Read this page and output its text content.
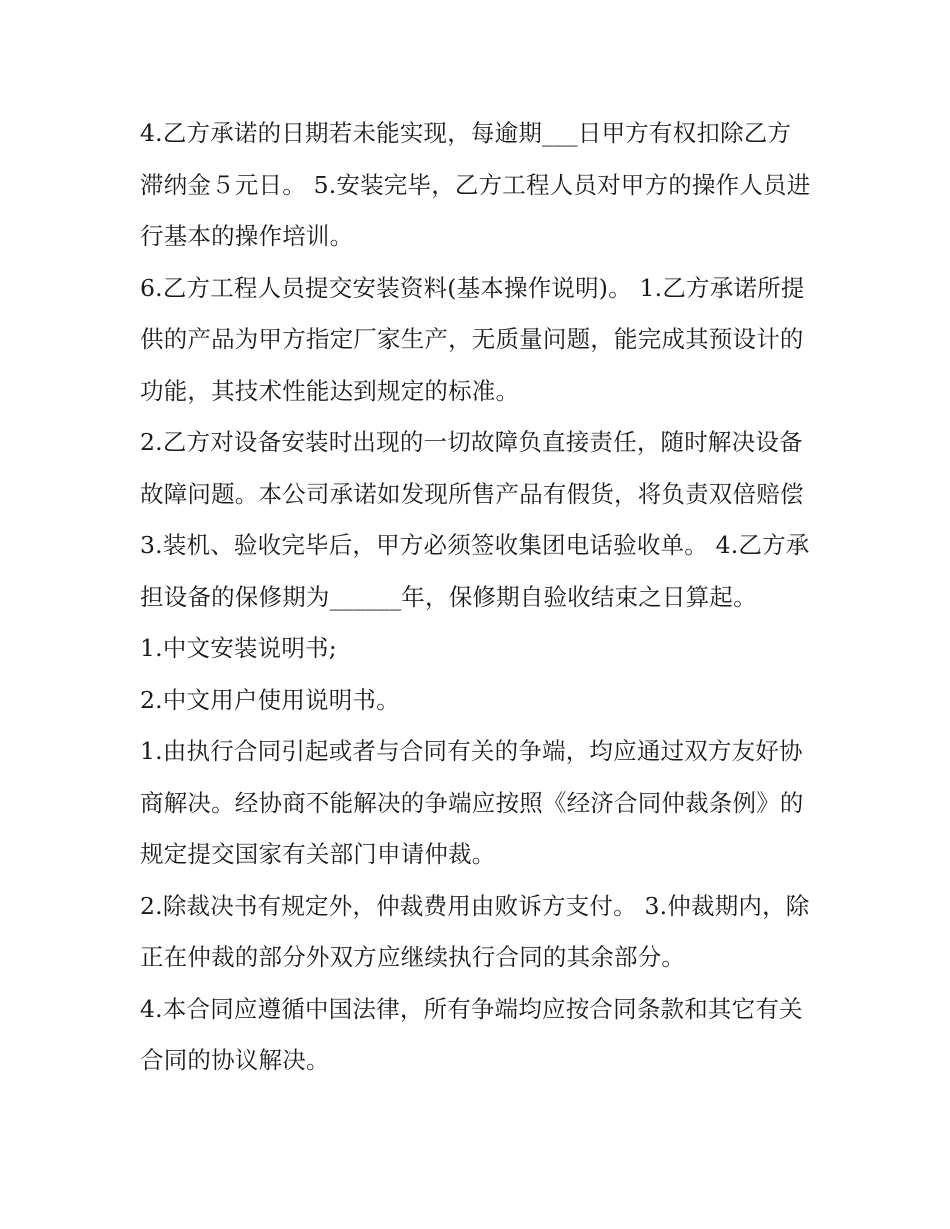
4.乙方承诺的日期若未能实现，每逾期___日甲方有权扣除乙方滞纳金５元日。 5.安装完毕，乙方工程人员对甲方的操作人员进行基本的操作培训。

6.乙方工程人员提交安装资料(基本操作说明)。 1.乙方承诺所提供的产品为甲方指定厂家生产，无质量问题，能完成其预设计的功能，其技术性能达到规定的标准。

2.乙方对设备安装时出现的一切故障负直接责任，随时解决设备故障问题。本公司承诺如发现所售产品有假货，将负责双倍赔偿

3.装机、验收完毕后，甲方必须签收集团电话验收单。 4.乙方承担设备的保修期为______年，保修期自验收结束之日算起。

1.中文安装说明书;

2.中文用户使用说明书。

1.由执行合同引起或者与合同有关的争端，均应通过双方友好协商解决。经协商不能解决的争端应按照《经济合同仲裁条例》的规定提交国家有关部门申请仲裁。

2.除裁决书有规定外，仲裁费用由败诉方支付。 3.仲裁期内，除正在仲裁的部分外双方应继续执行合同的其余部分。

4.本合同应遵循中国法律，所有争端均应按合同条款和其它有关合同的协议解决。
